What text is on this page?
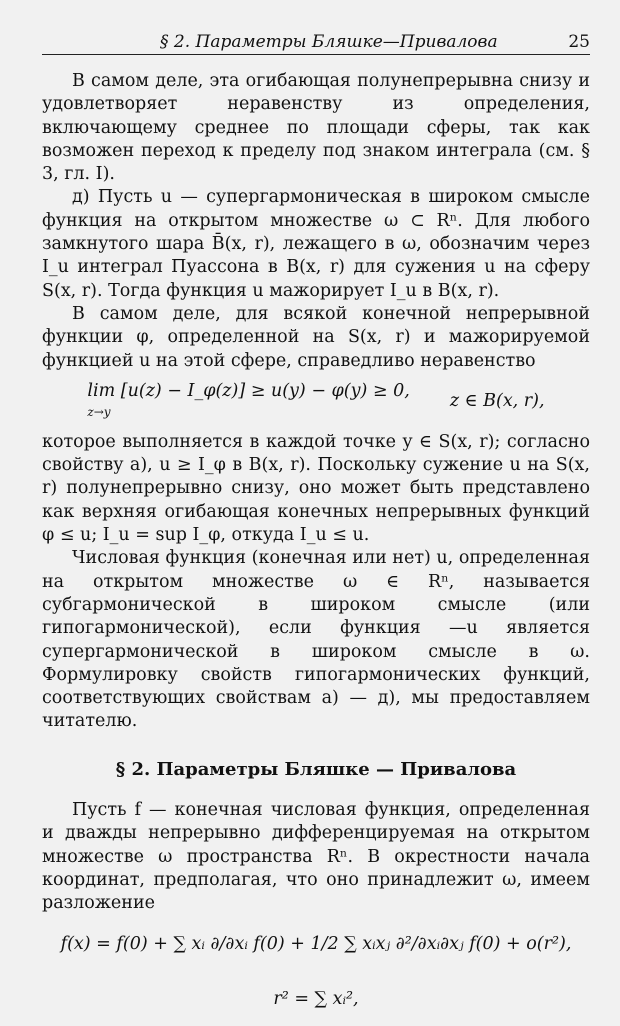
§ 2. Параметры Бляшке—Привалова	25

В самом деле, эта огибающая полунепрерывна снизу и удовлетворяет неравенству из определения, включающему среднее по площади сферы, так как возможен переход к пределу под знаком интеграла (см. § 3, гл. I).

д) Пусть u — супергармоническая в широком смысле функция на открытом множестве ω ⊂ Rⁿ. Для любого замкнутого шара B̄(x, r), лежащего в ω, обозначим через I_u интеграл Пуассона в B(x, r) для сужения u на сферу S(x, r). Тогда функция u мажорирует I_u в B(x, r).

В самом деле, для всякой конечной непрерывной функции φ, определенной на S(x, r) и мажорируемой функцией u на этой сфере, справедливо неравенство

lim [u(z) − I_φ(z)] ≥ u(y) − φ(y) ≥ 0,
z→y
z ∈ B(x, r),

которое выполняется в каждой точке y ∈ S(x, r); согласно свойству а), u ≥ I_φ в B(x, r). Поскольку сужение u на S(x, r) полунепрерывно снизу, оно может быть представлено как верхняя огибающая конечных непрерывных функций φ ≤ u; I_u = sup I_φ, откуда I_u ≤ u.

Числовая функция (конечная или нет) u, определенная на открытом множестве ω ∈ Rⁿ, называется субгармонической в широком смысле (или гипогармонической), если функция —u является супергармонической в широком смысле в ω. Формулировку свойств гипогармонических функций, соответствующих свойствам а) — д), мы предоставляем читателю.

§ 2. Параметры Бляшке — Привалова

Пусть f — конечная числовая функция, определенная и дважды непрерывно дифференцируемая на открытом множестве ω пространства Rⁿ. В окрестности начала координат, предполагая, что оно принадлежит ω, имеем разложение

f(x) = f(0) + ∑ xᵢ ∂/∂xᵢ f(0) + 1/2 ∑ xᵢxⱼ ∂²/∂xᵢ∂xⱼ f(0) + o(r²),
r² = ∑ xᵢ²,
